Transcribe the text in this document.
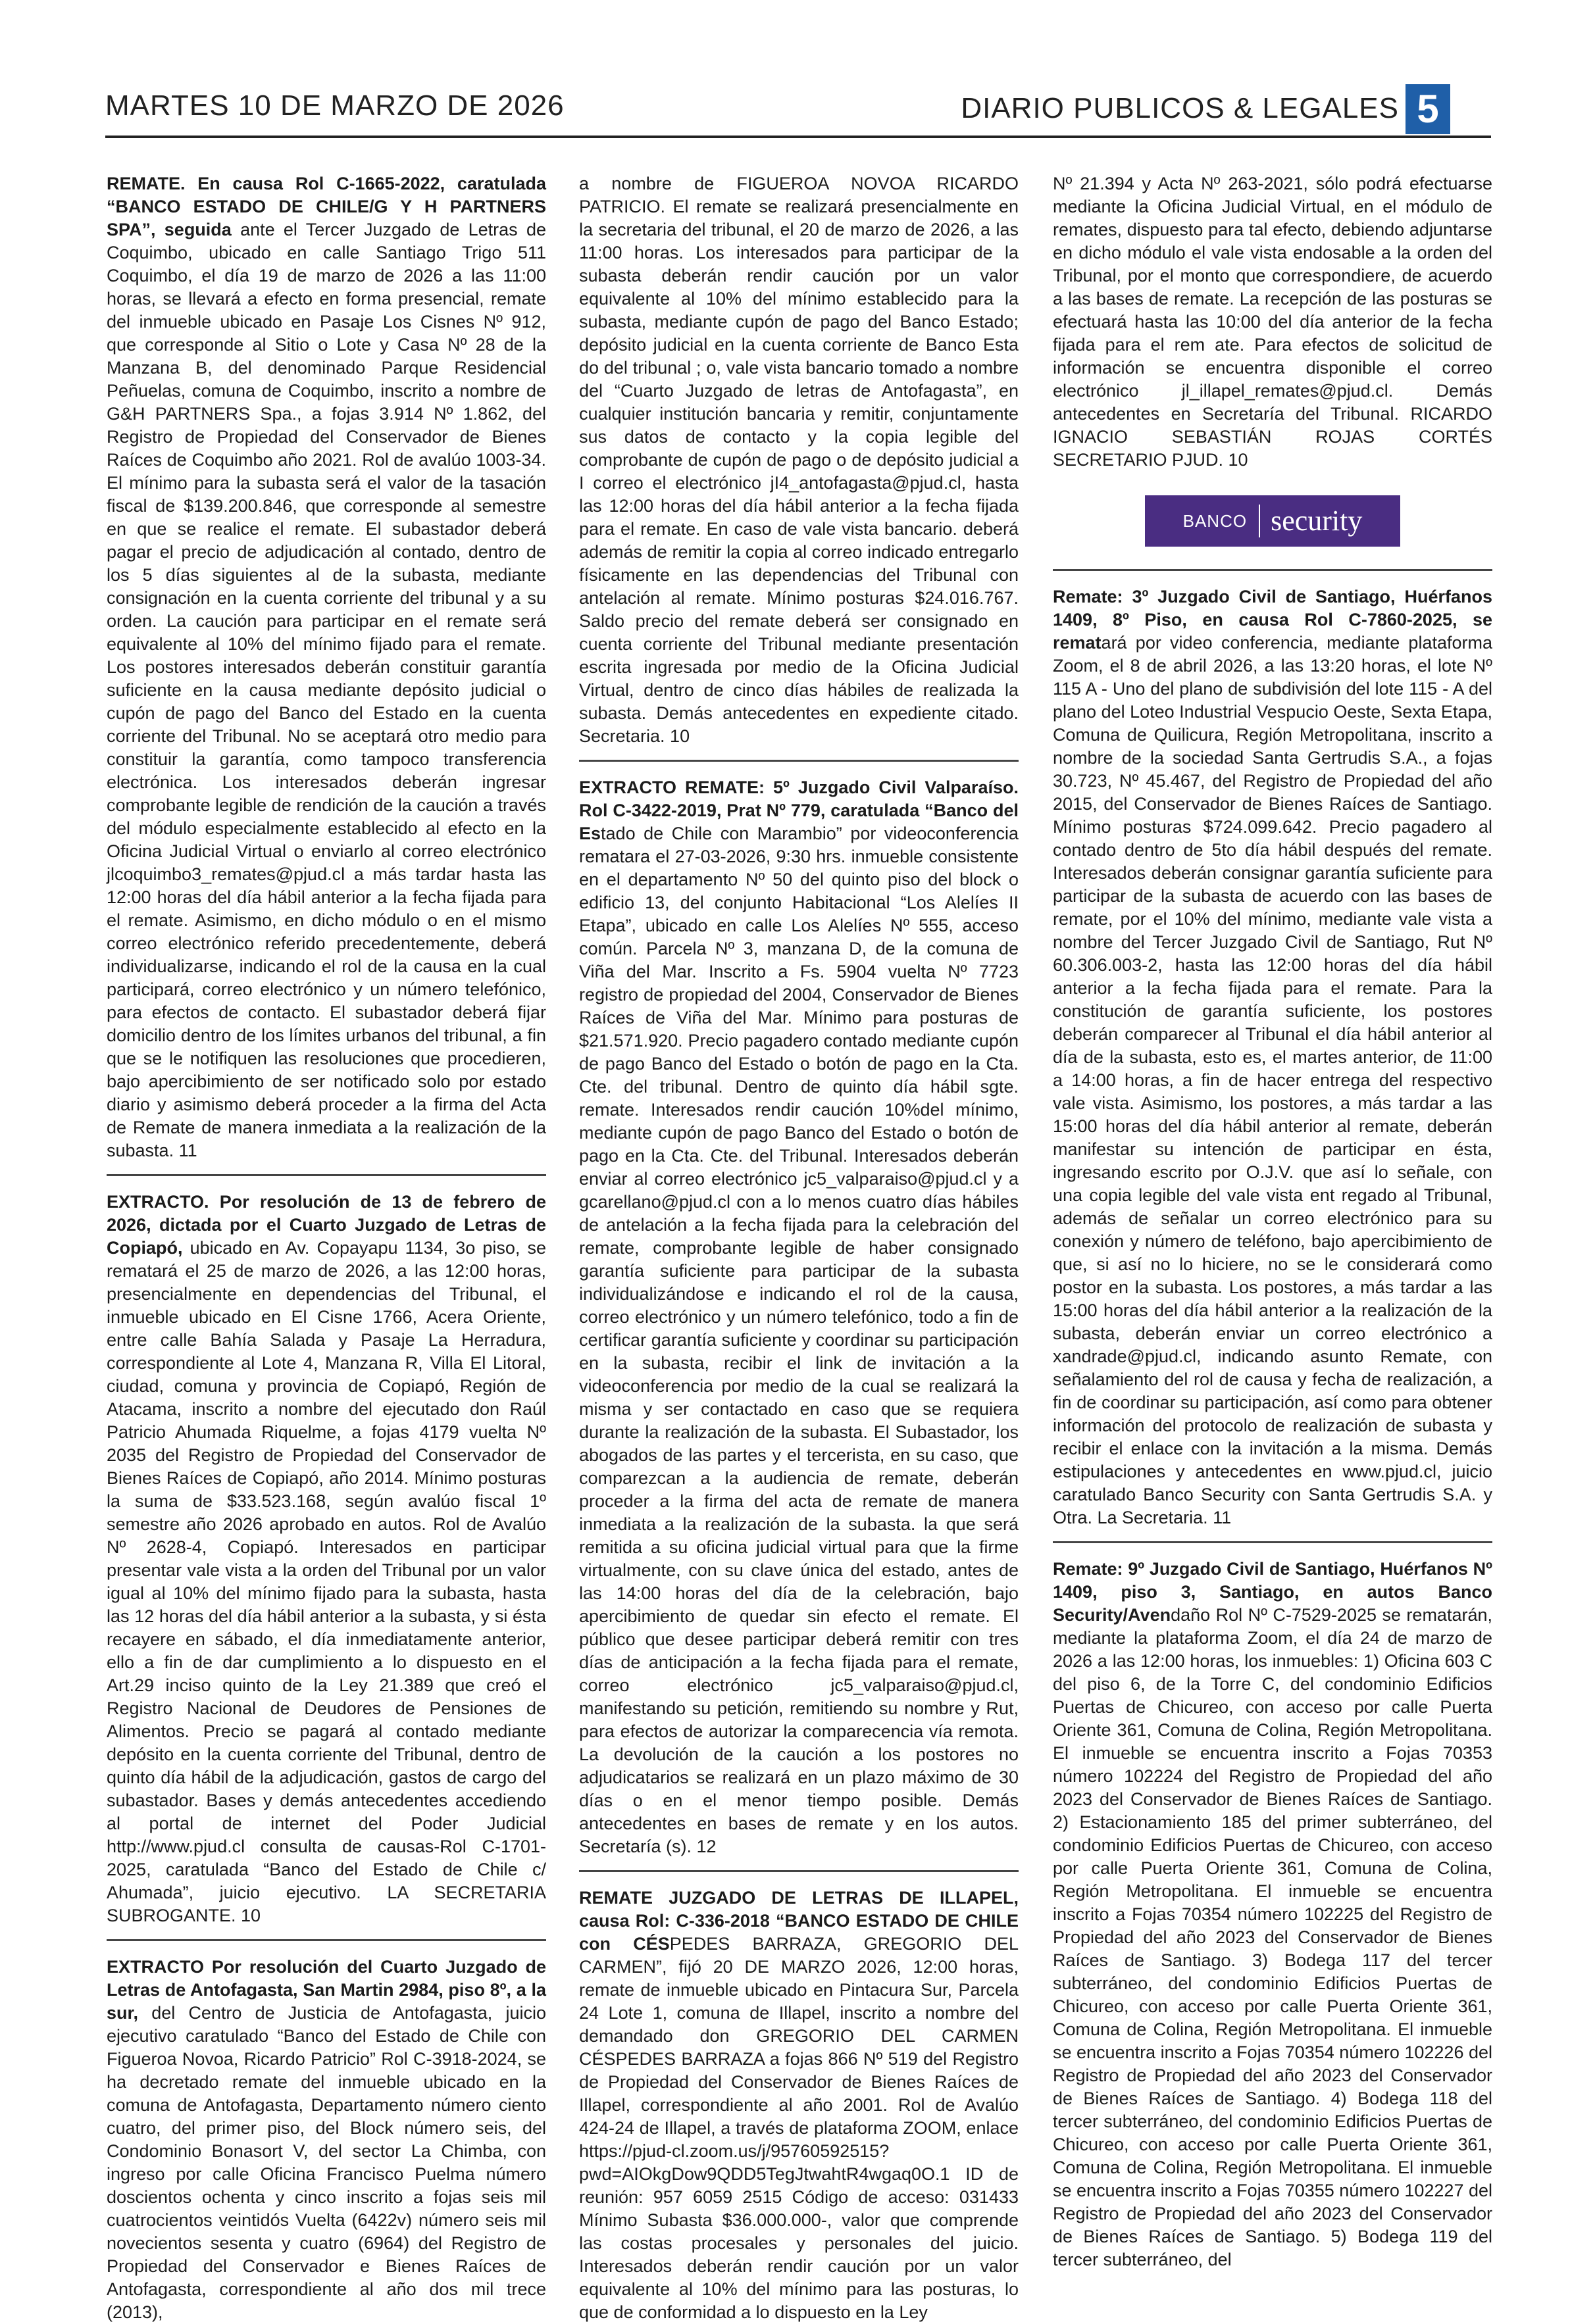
MARTES 10 DE MARZO DE 2026	DIARIO PUBLICOS & LEGALES 5

REMATE. En causa Rol C-1665-2022, caratulada “BANCO ESTADO DE CHILE/G Y H PARTNERS SPA”, seguida ante el Tercer Juzgado de Letras de Coquimbo, ubicado en calle Santiago Trigo 511 Coquimbo, el día 19 de marzo de 2026 a las 11:00 horas, se llevará a efecto en forma presencial, remate del inmueble ubicado en Pasaje Los Cisnes Nº 912, que corresponde al Sitio o Lote y Casa Nº 28 de la Manzana B, del denominado Parque Residencial Peñuelas, comuna de Coquimbo, inscrito a nombre de G&H PARTNERS Spa., a fojas 3.914 Nº 1.862, del Registro de Propiedad del Conservador de Bienes Raíces de Coquimbo año 2021. Rol de avalúo 1003-34. El mínimo para la subasta será el valor de la tasación fiscal de $139.200.846, que corresponde al semestre en que se realice el remate. El subastador deberá pagar el precio de adjudicación al contado, dentro de los 5 días siguientes al de la subasta, mediante consignación en la cuenta corriente del tribunal y a su orden. La caución para participar en el remate será equivalente al 10% del mínimo fijado para el remate. Los postores interesados deberán constituir garantía suficiente en la causa mediante depósito judicial o cupón de pago del Banco del Estado en la cuenta corriente del Tribunal. No se aceptará otro medio para constituir la garantía, como tampoco transferencia electrónica. Los interesados deberán ingresar comprobante legible de rendición de la caución a través del módulo especialmente establecido al efecto en la Oficina Judicial Virtual o enviarlo al correo electrónico jlcoquimbo3_remates@pjud.cl a más tardar hasta las 12:00 horas del día hábil anterior a la fecha fijada para el remate. Asimismo, en dicho módulo o en el mismo correo electrónico referido precedentemente, deberá individualizarse, indicando el rol de la causa en la cual participará, correo electrónico y un número telefónico, para efectos de contacto. El subastador deberá fijar domicilio dentro de los límites urbanos del tribunal, a fin que se le notifiquen las resoluciones que procedieren, bajo apercibimiento de ser notificado solo por estado diario y asimismo deberá proceder a la firma del Acta de Remate de manera inmediata a la realización de la subasta. 11

EXTRACTO. Por resolución de 13 de febrero de 2026, dictada por el Cuarto Juzgado de Letras de Copiapó, ubicado en Av. Copayapu 1134, 3o piso, se rematará el 25 de marzo de 2026, a las 12:00 horas, presencialmente en dependencias del Tribunal, el inmueble ubicado en El Cisne 1766, Acera Oriente, entre calle Bahía Salada y Pasaje La Herradura, correspondiente al Lote 4, Manzana R, Villa El Litoral, ciudad, comuna y provincia de Copiapó, Región de Atacama, inscrito a nombre del ejecutado don Raúl Patricio Ahumada Riquelme, a fojas 4179 vuelta Nº 2035 del Registro de Propiedad del Conservador de Bienes Raíces de Copiapó, año 2014. Mínimo posturas la suma de $33.523.168, según avalúo fiscal 1º semestre año 2026 aprobado en autos. Rol de Avalúo Nº 2628-4, Copiapó. Interesados en participar presentar vale vista a la orden del Tribunal por un valor igual al 10% del mínimo fijado para la subasta, hasta las 12 horas del día hábil anterior a la subasta, y si ésta recayere en sábado, el día inmediatamente anterior, ello a fin de dar cumplimiento a lo dispuesto en el Art.29 inciso quinto de la Ley 21.389 que creó el Registro Nacional de Deudores de Pensiones de Alimentos. Precio se pagará al contado mediante depósito en la cuenta corriente del Tribunal, dentro de quinto día hábil de la adjudicación, gastos de cargo del subastador. Bases y demás antecedentes accediendo al portal de internet del Poder Judicial http://www.pjud.cl consulta de causas-Rol C-1701-2025, caratulada “Banco del Estado de Chile c/ Ahumada”, juicio ejecutivo. LA SECRETARIA SUBROGANTE. 10

EXTRACTO Por resolución del Cuarto Juzgado de Letras de Antofagasta, San Martin 2984, piso 8º, a la sur, del Centro de Justicia de Antofagasta, juicio ejecutivo caratulado “Banco del Estado de Chile con Figueroa Novoa, Ricardo Patricio” Rol C-3918-2024, se ha decretado remate del inmueble ubicado en la comuna de Antofagasta, Departamento número ciento cuatro, del primer piso, del Block número seis, del Condominio Bonasort V, del sector La Chimba, con ingreso por calle Oficina Francisco Puelma número doscientos ochenta y cinco inscrito a fojas seis mil cuatrocientos veintidós Vuelta (6422v) número seis mil novecientos sesenta y cuatro (6964) del Registro de Propiedad del Conservador e Bienes Raíces de Antofagasta, correspondiente al año dos mil trece (2013),

a nombre de FIGUEROA NOVOA RICARDO PATRICIO. El remate se realizará presencialmente en la secretaria del tribunal, el 20 de marzo de 2026, a las 11:00 horas. Los interesados para participar de la subasta deberán rendir caución por un valor equivalente al 10% del mínimo establecido para la subasta, mediante cupón de pago del Banco Estado; depósito judicial en la cuenta corriente de Banco Esta do del tribunal ; o, vale vista bancario tomado a nombre del “Cuarto Juzgado de letras de Antofagasta”, en cualquier institución bancaria y remitir, conjuntamente sus datos de contacto y la copia legible del comprobante de cupón de pago o de depósito judicial a I correo el electrónico jI4_antofagasta@pjud.cl, hasta las 12:00 horas del día hábil anterior a la fecha fijada para el remate. En caso de vale vista bancario. deberá además de remitir la copia al correo indicado entregarlo físicamente en las dependencias del Tribunal con antelación al remate. Mínimo posturas $24.016.767. Saldo precio del remate deberá ser consignado en cuenta corriente del Tribunal mediante presentación escrita ingresada por medio de la Oficina Judicial Virtual, dentro de cinco días hábiles de realizada la subasta. Demás antecedentes en expediente citado. Secretaria. 10

EXTRACTO REMATE: 5º Juzgado Civil Valparaíso. Rol C-3422-2019, Prat Nº 779, caratulada “Banco del Estado de Chile con Marambio” por videoconferencia rematara el 27-03-2026, 9:30 hrs. inmueble consistente en el departamento Nº 50 del quinto piso del block o edificio 13, del conjunto Habitacional “Los Alelíes II Etapa”, ubicado en calle Los Alelíes Nº 555, acceso común. Parcela Nº 3, manzana D, de la comuna de Viña del Mar. Inscrito a Fs. 5904 vuelta Nº 7723 registro de propiedad del 2004, Conservador de Bienes Raíces de Viña del Mar. Mínimo para posturas de $21.571.920. Precio pagadero contado mediante cupón de pago Banco del Estado o botón de pago en la Cta. Cte. del tribunal. Dentro de quinto día hábil sgte. remate. Interesados rendir caución 10%del mínimo, mediante cupón de pago Banco del Estado o botón de pago en la Cta. Cte. del Tribunal. Interesados deberán enviar al correo electrónico jc5_valparaiso@pjud.cl y a gcarellano@pjud.cl con a lo menos cuatro días hábiles de antelación a la fecha fijada para la celebración del remate, comprobante legible de haber consignado garantía suficiente para participar de la subasta individualizándose e indicando el rol de la causa, correo electrónico y un número telefónico, todo a fin de certificar garantía suficiente y coordinar su participación en la subasta, recibir el link de invitación a la videoconferencia por medio de la cual se realizará la misma y ser contactado en caso que se requiera durante la realización de la subasta. El Subastador, los abogados de las partes y el tercerista, en su caso, que comparezcan a la audiencia de remate, deberán proceder a la firma del acta de remate de manera inmediata a la realización de la subasta. la que será remitida a su oficina judicial virtual para que la firme virtualmente, con su clave única del estado, antes de las 14:00 horas del día de la celebración, bajo apercibimiento de quedar sin efecto el remate. El público que desee participar deberá remitir con tres días de anticipación a la fecha fijada para el remate, correo electrónico jc5_valparaiso@pjud.cl, manifestando su petición, remitiendo su nombre y Rut, para efectos de autorizar la comparecencia vía remota. La devolución de la caución a los postores no adjudicatarios se realizará en un plazo máximo de 30 días o en el menor tiempo posible. Demás antecedentes en bases de remate y en los autos. Secretaría (s). 12

REMATE JUZGADO DE LETRAS DE ILLAPEL, causa Rol: C-336-2018 “BANCO ESTADO DE CHILE con CÉSPEDES BARRAZA, GREGORIO DEL CARMEN”, fijó 20 DE MARZO 2026, 12:00 horas, remate de inmueble ubicado en Pintacura Sur, Parcela 24 Lote 1, comuna de Illapel, inscrito a nombre del demandado don GREGORIO DEL CARMEN CÉSPEDES BARRAZA a fojas 866 Nº 519 del Registro de Propiedad del Conservador de Bienes Raíces de Illapel, correspondiente al año 2001. Rol de Avalúo 424-24 de Illapel, a través de plataforma ZOOM, enlace https://pjud-cl.zoom.us/j/95760592515?pwd=AIOkgDow9QDD5TegJtwahtR4wgaq0O.1 ID de reunión: 957 6059 2515 Código de acceso: 031433 Mínimo Subasta $36.000.000-, valor que comprende las costas procesales y personales del juicio. Interesados deberán rendir caución por un valor equivalente al 10% del mínimo para las posturas, lo que de conformidad a lo dispuesto en la Ley

Nº 21.394 y Acta Nº 263-2021, sólo podrá efectuarse mediante la Oficina Judicial Virtual, en el módulo de remates, dispuesto para tal efecto, debiendo adjuntarse en dicho módulo el vale vista endosable a la orden del Tribunal, por el monto que correspondiere, de acuerdo a las bases de remate. La recepción de las posturas se efectuará hasta las 10:00 del día anterior de la fecha fijada para el rem ate. Para efectos de solicitud de información se encuentra disponible el correo electrónico jl_illapel_remates@pjud.cl. Demás antecedentes en Secretaría del Tribunal. RICARDO IGNACIO SEBASTIÁN ROJAS CORTÉS SECRETARIO PJUD. 10

BANCO security

Remate: 3º Juzgado Civil de Santiago, Huérfanos 1409, 8º Piso, en causa Rol C-7860-2025, se rematará por video conferencia, mediante plataforma Zoom, el 8 de abril 2026, a las 13:20 horas, el lote Nº 115 A - Uno del plano de subdivisión del lote 115 - A del plano del Loteo Industrial Vespucio Oeste, Sexta Etapa, Comuna de Quilicura, Región Metropolitana, inscrito a nombre de la sociedad Santa Gertrudis S.A., a fojas 30.723, Nº 45.467, del Registro de Propiedad del año 2015, del Conservador de Bienes Raíces de Santiago. Mínimo posturas $724.099.642. Precio pagadero al contado dentro de 5to día hábil después del remate. Interesados deberán consignar garantía suficiente para participar de la subasta de acuerdo con las bases de remate, por el 10% del mínimo, mediante vale vista a nombre del Tercer Juzgado Civil de Santiago, Rut Nº 60.306.003-2, hasta las 12:00 horas del día hábil anterior a la fecha fijada para el remate. Para la constitución de garantía suficiente, los postores deberán comparecer al Tribunal el día hábil anterior al día de la subasta, esto es, el martes anterior, de 11:00 a 14:00 horas, a fin de hacer entrega del respectivo vale vista. Asimismo, los postores, a más tardar a las 15:00 horas del día hábil anterior al remate, deberán manifestar su intención de participar en ésta, ingresando escrito por O.J.V. que así lo señale, con una copia legible del vale vista ent regado al Tribunal, además de señalar un correo electrónico para su conexión y número de teléfono, bajo apercibimiento de que, si así no lo hiciere, no se le considerará como postor en la subasta. Los postores, a más tardar a las 15:00 horas del día hábil anterior a la realización de la subasta, deberán enviar un correo electrónico a xandrade@pjud.cl, indicando asunto Remate, con señalamiento del rol de causa y fecha de realización, a fin de coordinar su participación, así como para obtener información del protocolo de realización de subasta y recibir el enlace con la invitación a la misma. Demás estipulaciones y antecedentes en www.pjud.cl, juicio caratulado Banco Security con Santa Gertrudis S.A. y Otra. La Secretaria. 11

Remate: 9º Juzgado Civil de Santiago, Huérfanos Nº 1409, piso 3, Santiago, en autos Banco Security/Avendaño Rol Nº C-7529-2025 se rematarán, mediante la plataforma Zoom, el día 24 de marzo de 2026 a las 12:00 horas, los inmuebles: 1) Oficina 603 C del piso 6, de la Torre C, del condominio Edificios Puertas de Chicureo, con acceso por calle Puerta Oriente 361, Comuna de Colina, Región Metropolitana. El inmueble se encuentra inscrito a Fojas 70353 número 102224 del Registro de Propiedad del año 2023 del Conservador de Bienes Raíces de Santiago. 2) Estacionamiento 185 del primer subterráneo, del condominio Edificios Puertas de Chicureo, con acceso por calle Puerta Oriente 361, Comuna de Colina, Región Metropolitana. El inmueble se encuentra inscrito a Fojas 70354 número 102225 del Registro de Propiedad del año 2023 del Conservador de Bienes Raíces de Santiago. 3) Bodega 117 del tercer subterráneo, del condominio Edificios Puertas de Chicureo, con acceso por calle Puerta Oriente 361, Comuna de Colina, Región Metropolitana. El inmueble se encuentra inscrito a Fojas 70354 número 102226 del Registro de Propiedad del año 2023 del Conservador de Bienes Raíces de Santiago. 4) Bodega 118 del tercer subterráneo, del condominio Edificios Puertas de Chicureo, con acceso por calle Puerta Oriente 361, Comuna de Colina, Región Metropolitana. El inmueble se encuentra inscrito a Fojas 70355 número 102227 del Registro de Propiedad del año 2023 del Conservador de Bienes Raíces de Santiago. 5) Bodega 119 del tercer subterráneo, del
